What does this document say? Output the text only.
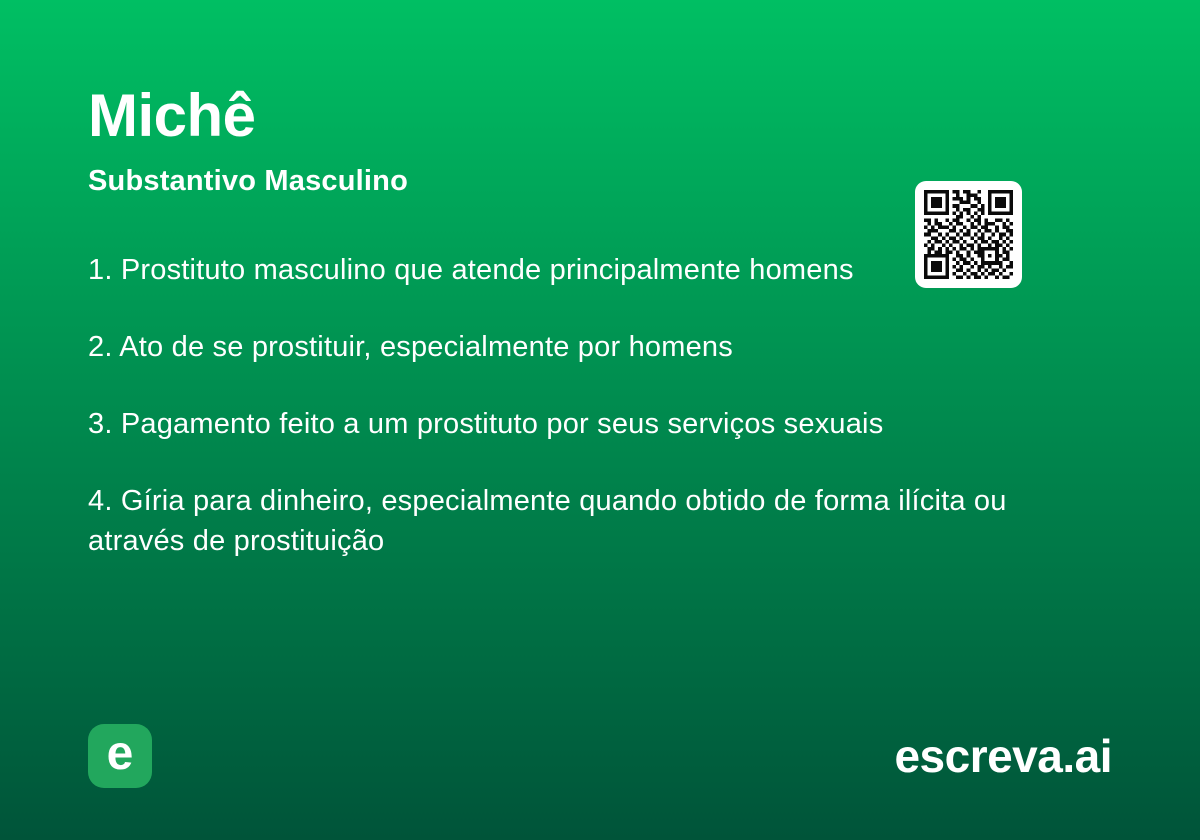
Michê

Substantivo Masculino

1. Prostituto masculino que atende principalmente homens

2. Ato de se prostituir, especialmente por homens

3. Pagamento feito a um prostituto por seus serviços sexuais

4. Gíria para dinheiro, especialmente quando obtido de forma ilícita ou através de prostituição

e	escreva.ai
